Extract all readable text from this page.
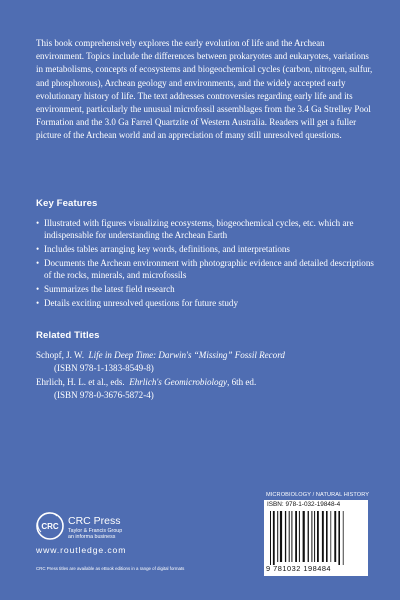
This book comprehensively explores the early evolution of life and the Archean environment. Topics include the differences between prokaryotes and eukaryotes, variations in metabolisms, concepts of ecosystems and biogeochemical cycles (carbon, nitrogen, sulfur, and phosphorous), Archean geology and environments, and the widely accepted early evolutionary history of life. The text addresses controversies regarding early life and its environment, particularly the unusual microfossil assemblages from the 3.4 Ga Strelley Pool Formation and the 3.0 Ga Farrel Quartzite of Western Australia. Readers will get a fuller picture of the Archean world and an appreciation of many still unresolved questions.

Key Features
• Illustrated with figures visualizing ecosystems, biogeochemical cycles, etc. which are indispensable for understanding the Archean Earth
• Includes tables arranging key words, definitions, and interpretations
• Documents the Archean environment with photographic evidence and detailed descriptions of the rocks, minerals, and microfossils
• Summarizes the latest field research
• Details exciting unresolved questions for future study
Related Titles
Schopf, J. W. Life in Deep Time: Darwin's “Missing” Fossil Record
(ISBN 978-1-1383-8549-8)
Ehrlich, H. L. et al., eds. Ehrlich's Geomicrobiology, 6th ed.
(ISBN 978-0-3676-5872-4)
CRC CRC Press

Taylor & Francis Group
an informa business
www.routledge.com
CRC Press titles are available as eBook editions in a range of digital formats
MICROBIOLOGY / NATURAL HISTORY
ISBN: 978-1-032-19848-4
9 781032 198484
